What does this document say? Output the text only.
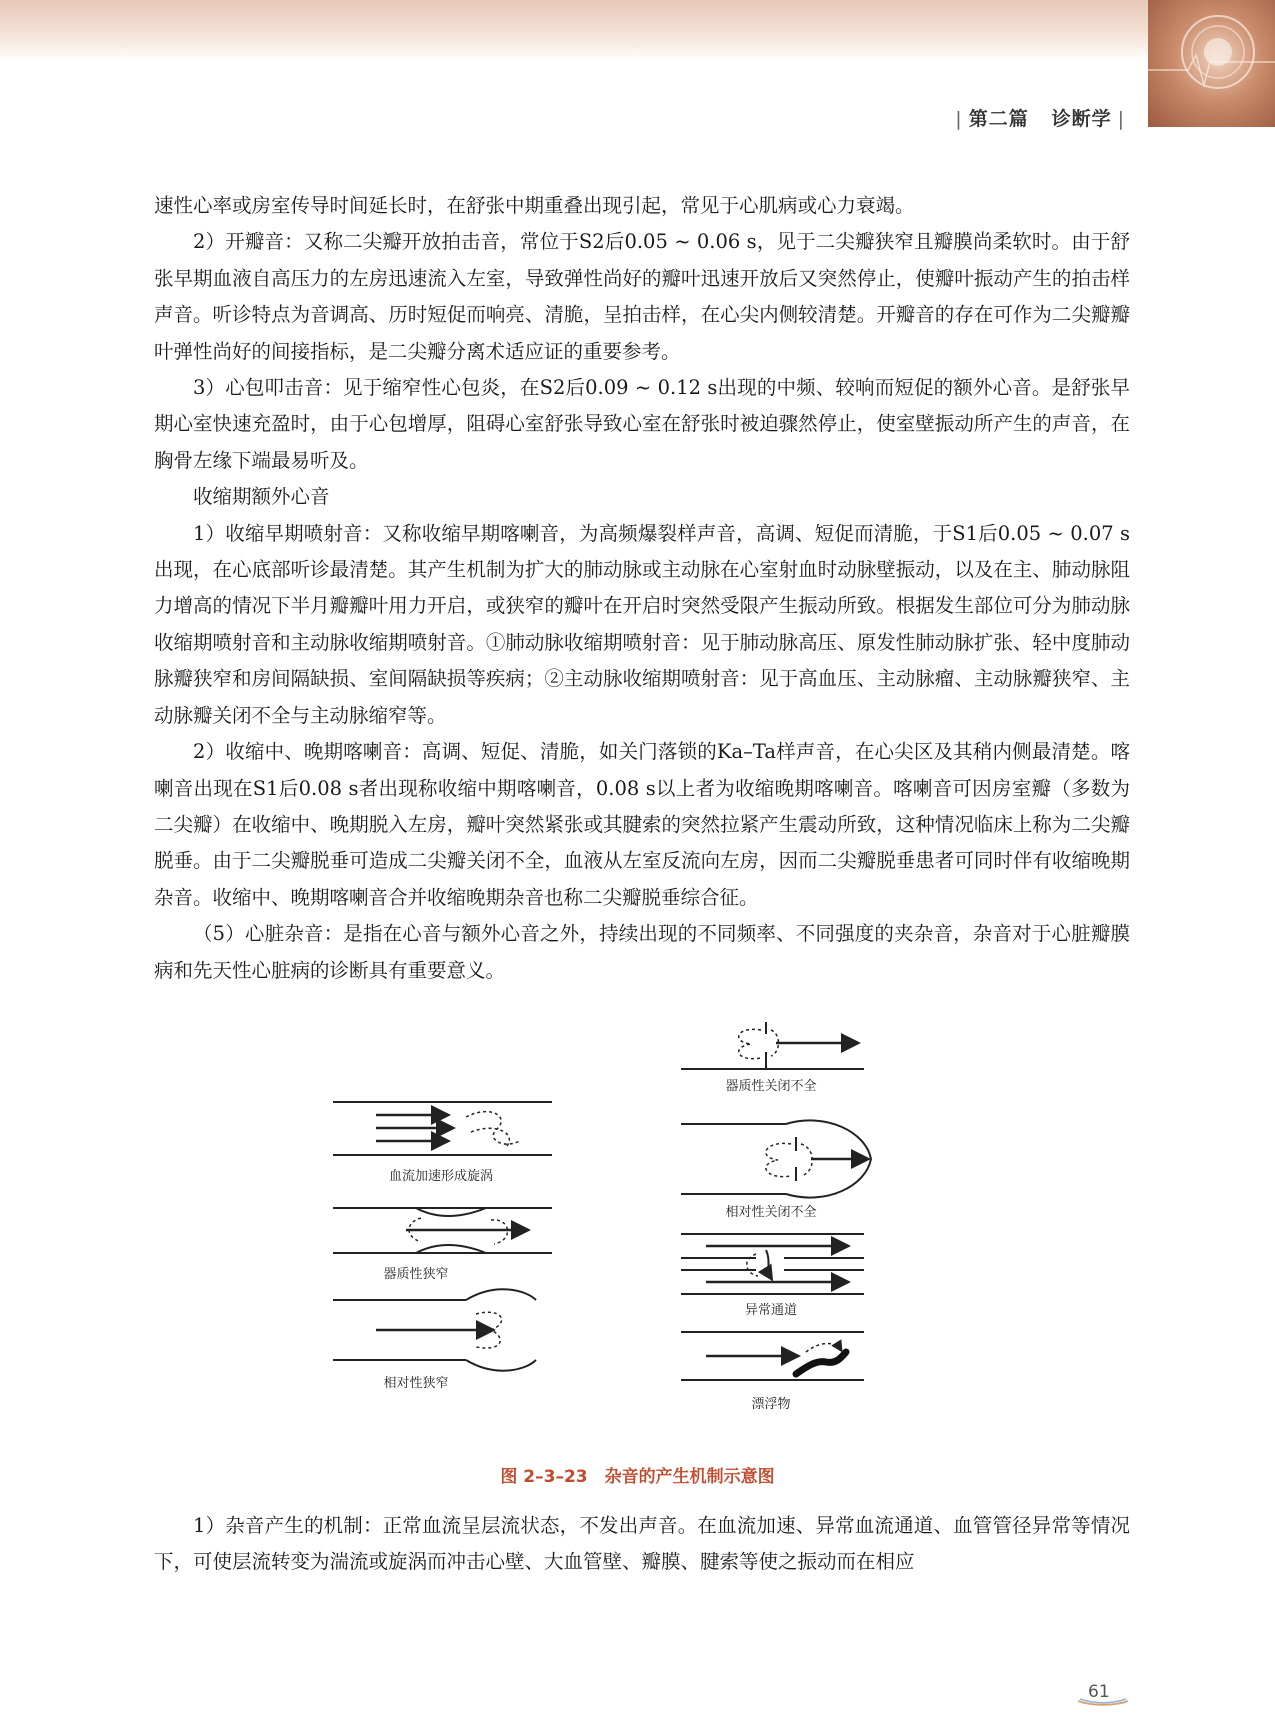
| 第二篇 诊断学 |

速性心率或房室传导时间延长时，在舒张中期重叠出现引起，常见于心肌病或心力衰竭。

2）开瓣音：又称二尖瓣开放拍击音，常位于S2后0.05 ~ 0.06 s，见于二尖瓣狭窄且瓣膜尚柔软时。由于舒张早期血液自高压力的左房迅速流入左室，导致弹性尚好的瓣叶迅速开放后又突然停止，使瓣叶振动产生的拍击样声音。听诊特点为音调高、历时短促而响亮、清脆，呈拍击样，在心尖内侧较清楚。开瓣音的存在可作为二尖瓣瓣叶弹性尚好的间接指标，是二尖瓣分离术适应证的重要参考。

3）心包叩击音：见于缩窄性心包炎，在S2后0.09 ~ 0.12 s出现的中频、较响而短促的额外心音。是舒张早期心室快速充盈时，由于心包增厚，阻碍心室舒张导致心室在舒张时被迫骤然停止，使室壁振动所产生的声音，在胸骨左缘下端最易听及。

收缩期额外心音

1）收缩早期喷射音：又称收缩早期喀喇音，为高频爆裂样声音，高调、短促而清脆，于S1后0.05 ~ 0.07 s出现，在心底部听诊最清楚。其产生机制为扩大的肺动脉或主动脉在心室射血时动脉壁振动，以及在主、肺动脉阻力增高的情况下半月瓣瓣叶用力开启，或狭窄的瓣叶在开启时突然受限产生振动所致。根据发生部位可分为肺动脉收缩期喷射音和主动脉收缩期喷射音。①肺动脉收缩期喷射音：见于肺动脉高压、原发性肺动脉扩张、轻中度肺动脉瓣狭窄和房间隔缺损、室间隔缺损等疾病；②主动脉收缩期喷射音：见于高血压、主动脉瘤、主动脉瓣狭窄、主动脉瓣关闭不全与主动脉缩窄等。

2）收缩中、晚期喀喇音：高调、短促、清脆，如关门落锁的Ka–Ta样声音，在心尖区及其稍内侧最清楚。喀喇音出现在S1后0.08 s者出现称收缩中期喀喇音，0.08 s以上者为收缩晚期喀喇音。喀喇音可因房室瓣（多数为二尖瓣）在收缩中、晚期脱入左房，瓣叶突然紧张或其腱索的突然拉紧产生震动所致，这种情况临床上称为二尖瓣脱垂。由于二尖瓣脱垂可造成二尖瓣关闭不全，血液从左室反流向左房，因而二尖瓣脱垂患者可同时伴有收缩晚期杂音。收缩中、晚期喀喇音合并收缩晚期杂音也称二尖瓣脱垂综合征。

（5）心脏杂音：是指在心音与额外心音之外，持续出现的不同频率、不同强度的夹杂音，杂音对于心脏瓣膜病和先天性心脏病的诊断具有重要意义。

血流加速形成旋涡
器质性狭窄
相对性狭窄
器质性关闭不全
相对性关闭不全
异常通道
漂浮物
图 2–3–23　杂音的产生机制示意图

1）杂音产生的机制：正常血流呈层流状态，不发出声音。在血流加速、异常血流通道、血管管径异常等情况下，可使层流转变为湍流或旋涡而冲击心壁、大血管壁、瓣膜、腱索等使之振动而在相应

61
